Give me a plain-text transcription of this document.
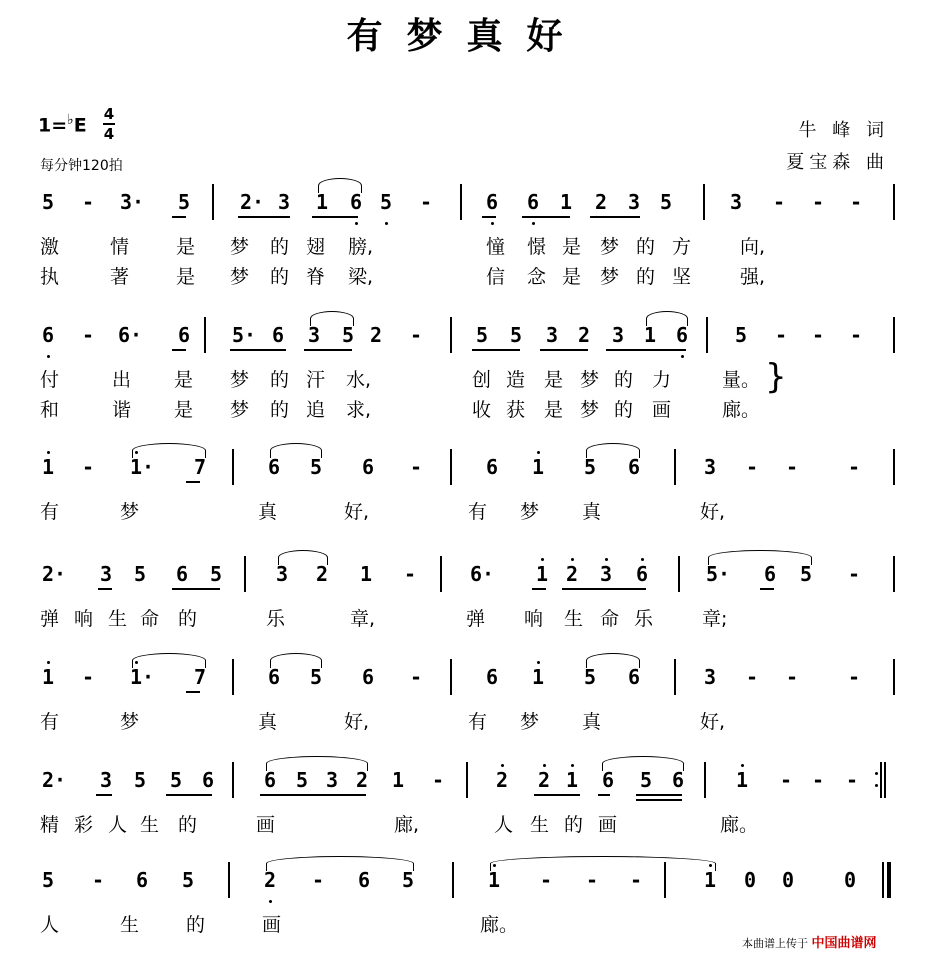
有梦真好
1=♭E
4
4
每分钟120拍
牛 峰 词
夏宝森 曲
5 - 3· 5 2· 3 1 6 5 -	6 6 1 2 3 5	3 - - -
激	情 是 梦 的 翅 膀,	憧 憬 是 梦 的 方	向,
执	著 是 梦 的 脊 梁,	信 念 是 梦 的 坚	强,
6 - 6· 6 5· 6 3 5 2 -	5 5 3 2 3 1 6 5 - - -
付	出 是 梦 的 汗 水,	创 造 是 梦 的 力	量。
和	谐 是 梦 的 追 求,	收 获 是 梦 的 画	廊。
}
1 - 1· 7	6 5 6 -	6 1 5 6	3 - - -
有	梦	真	好,	有 梦 真	好,
2· 3 5 6 5	3 2 1 -	6· 1 2 3 6	5· 6 5 -
弹 响 生 命 的	乐	章,	弹 响 生 命 乐	章;
1 - 1· 7	6 5 6 -	6 1 5 6	3 - - -
有	梦	真	好,	有 梦 真	好,
2· 3 5 5 6 6 5 3 2 1 -	2 2 1 6 5 6	1 - - -
精 彩 人 生 的	画	廊,	人 生 的 画	廊。
5 - 6 5	2 - 6 5	1 - - -	1 0 0 0
人	生 的	画	廊。
本曲谱上传于 中国曲谱网
